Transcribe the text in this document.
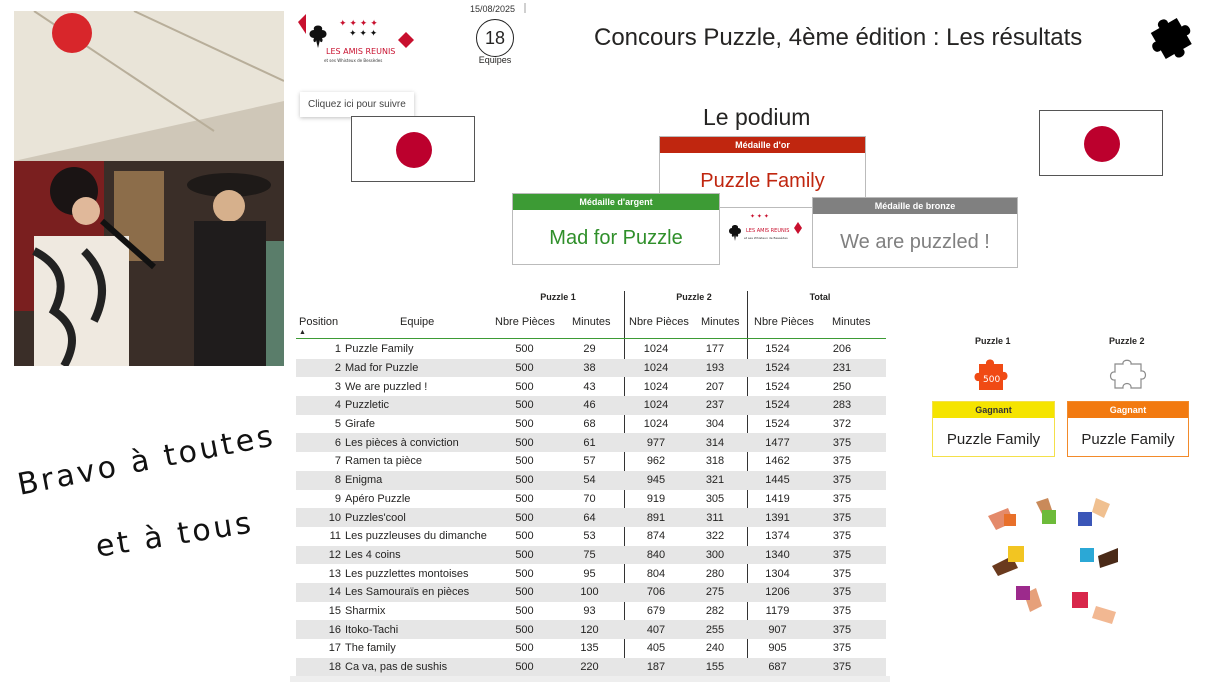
Bravo à toutes
et à tous
✦ ✦ ✦ ✦
✦ ✦ ✦
LES AMIS REUNIS
et ses Whisteux de Bessèdes
15/08/2025
18
Equipes
Concours Puzzle, 4ème édition : Les résultats
Cliquez ici pour suivre	Le podium
Médaille d'or
Puzzle Family
Médaille d'argent
Mad for Puzzle
Médaille de bronze
We are puzzled !
✦ ✦ ✦
LES AMIS REUNIS
et ses Whisteux de Bessèdes
Puzzle 1	Puzzle 2	Total
Position	Equipe	Nbre Pièces Minutes Nbre Pièces Minutes Nbre Pièces Minutes
▲
1 Puzzle Family	500	29	1024	177	1524	206
2 Mad for Puzzle	500	38	1024	193	1524	231
3 We are puzzled !	500	43	1024	207	1524	250
4 Puzzletic	500	46	1024	237	1524	283
5 Girafe	500	68	1024	304	1524	372
6 Les pièces à conviction	500	61	977	314	1477	375
7 Ramen ta pièce	500	57	962	318	1462	375
8 Enigma	500	54	945	321	1445	375
9 Apéro Puzzle	500	70	919	305	1419	375
10 Puzzles'cool	500	64	891	311	1391	375
11 Les puzzleuses du dimanche	500	53	874	322	1374	375
12 Les 4 coins	500	75	840	300	1340	375
13 Les puzzlettes montoises	500	95	804	280	1304	375
14 Les Samouraïs en pièces	500	100	706	275	1206	375
15 Sharmix	500	93	679	282	1179	375
16 Itoko-Tachi	500	120	407	255	907	375
17 The family	500	135	405	240	905	375
18 Ca va, pas de sushis	500	220	187	155	687	375
Puzzle 1	Puzzle 2
500
Gagnant
Puzzle Family
Gagnant
Puzzle Family
